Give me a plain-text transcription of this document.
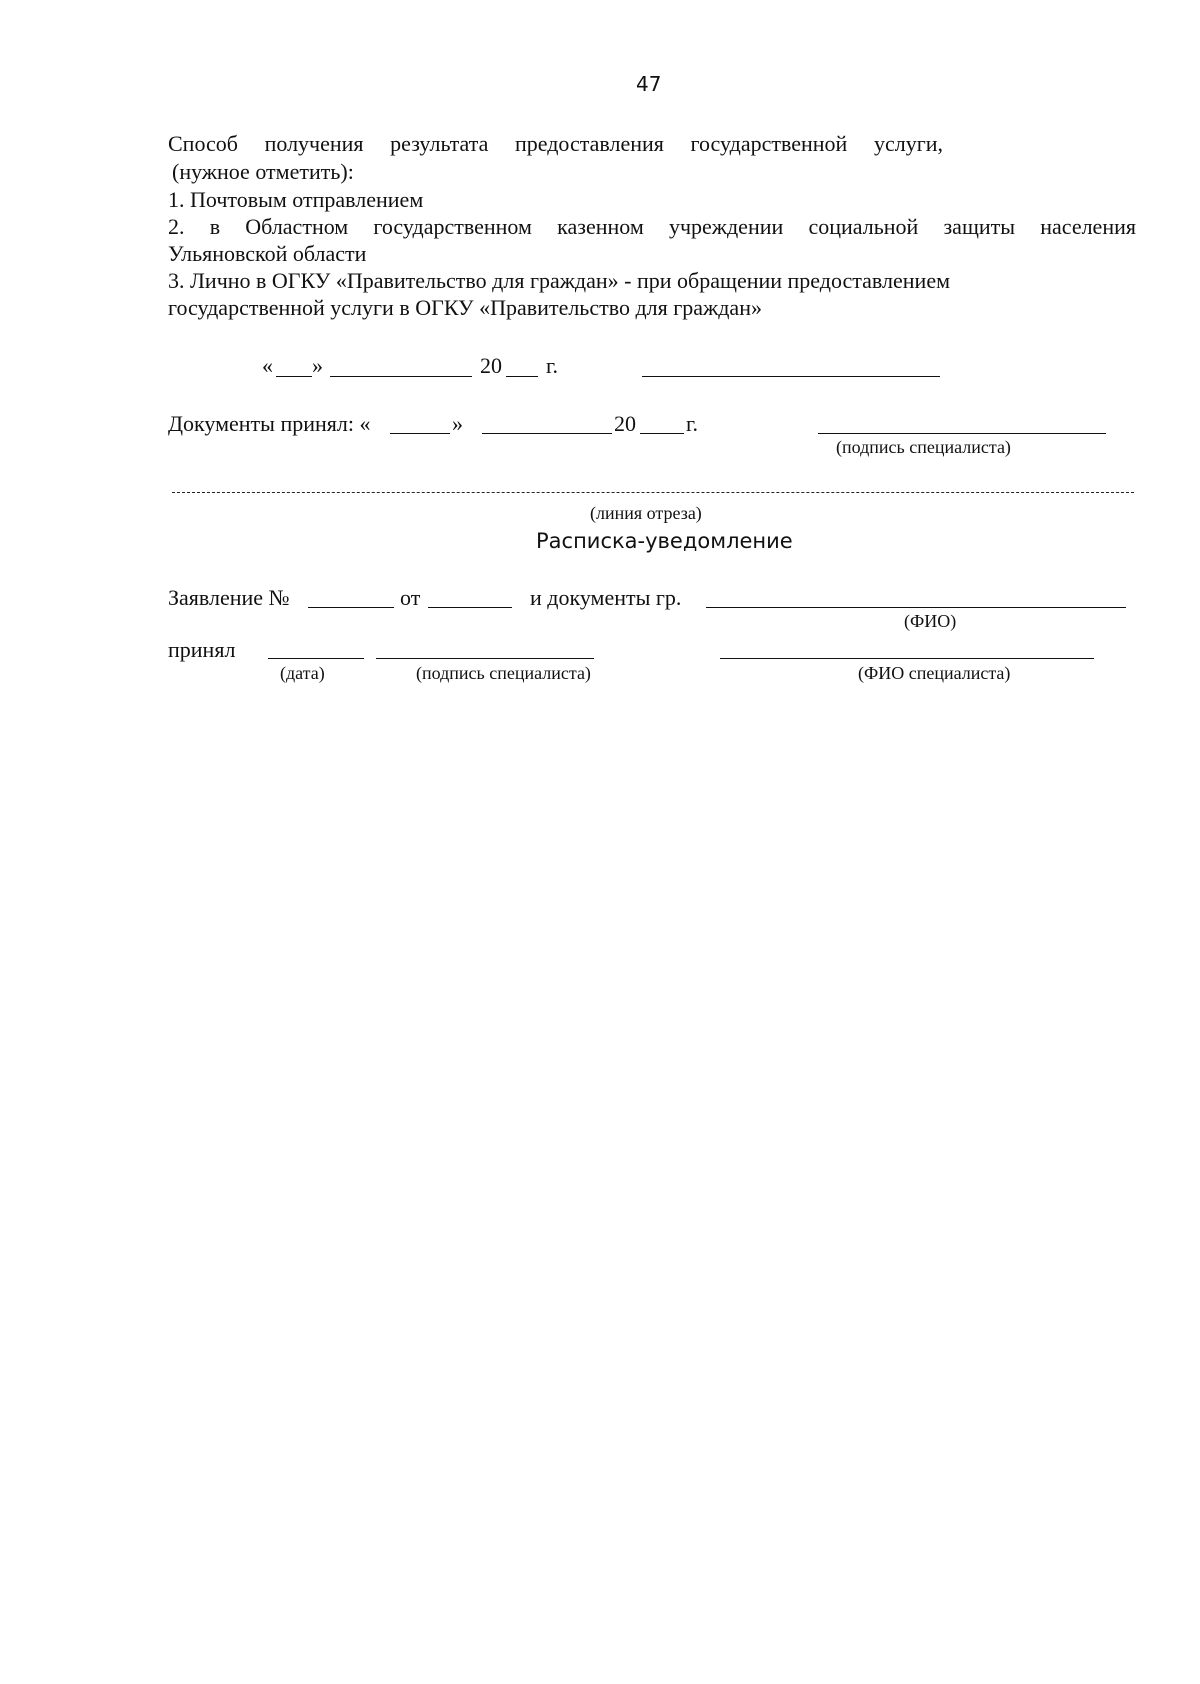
47
Способ получения результата предоставления государственной услуги,
(нужное отметить):
1. Почтовым отправлением
2. в Областном государственном казенном учреждении социальной защиты населения
Ульяновской области
3. Лично в ОГКУ «Правительство для граждан» - при обращении предоставлением
государственной услуги в ОГКУ «Правительство для граждан»
« »	20 г.
Документы принял: «	»	20 г.
(подпись специалиста)
(линия отреза)
Расписка-уведомление
Заявление №	от	и документы гр.
(ФИО)
принял
(дата)	(подпись специалиста)	(ФИО специалиста)
